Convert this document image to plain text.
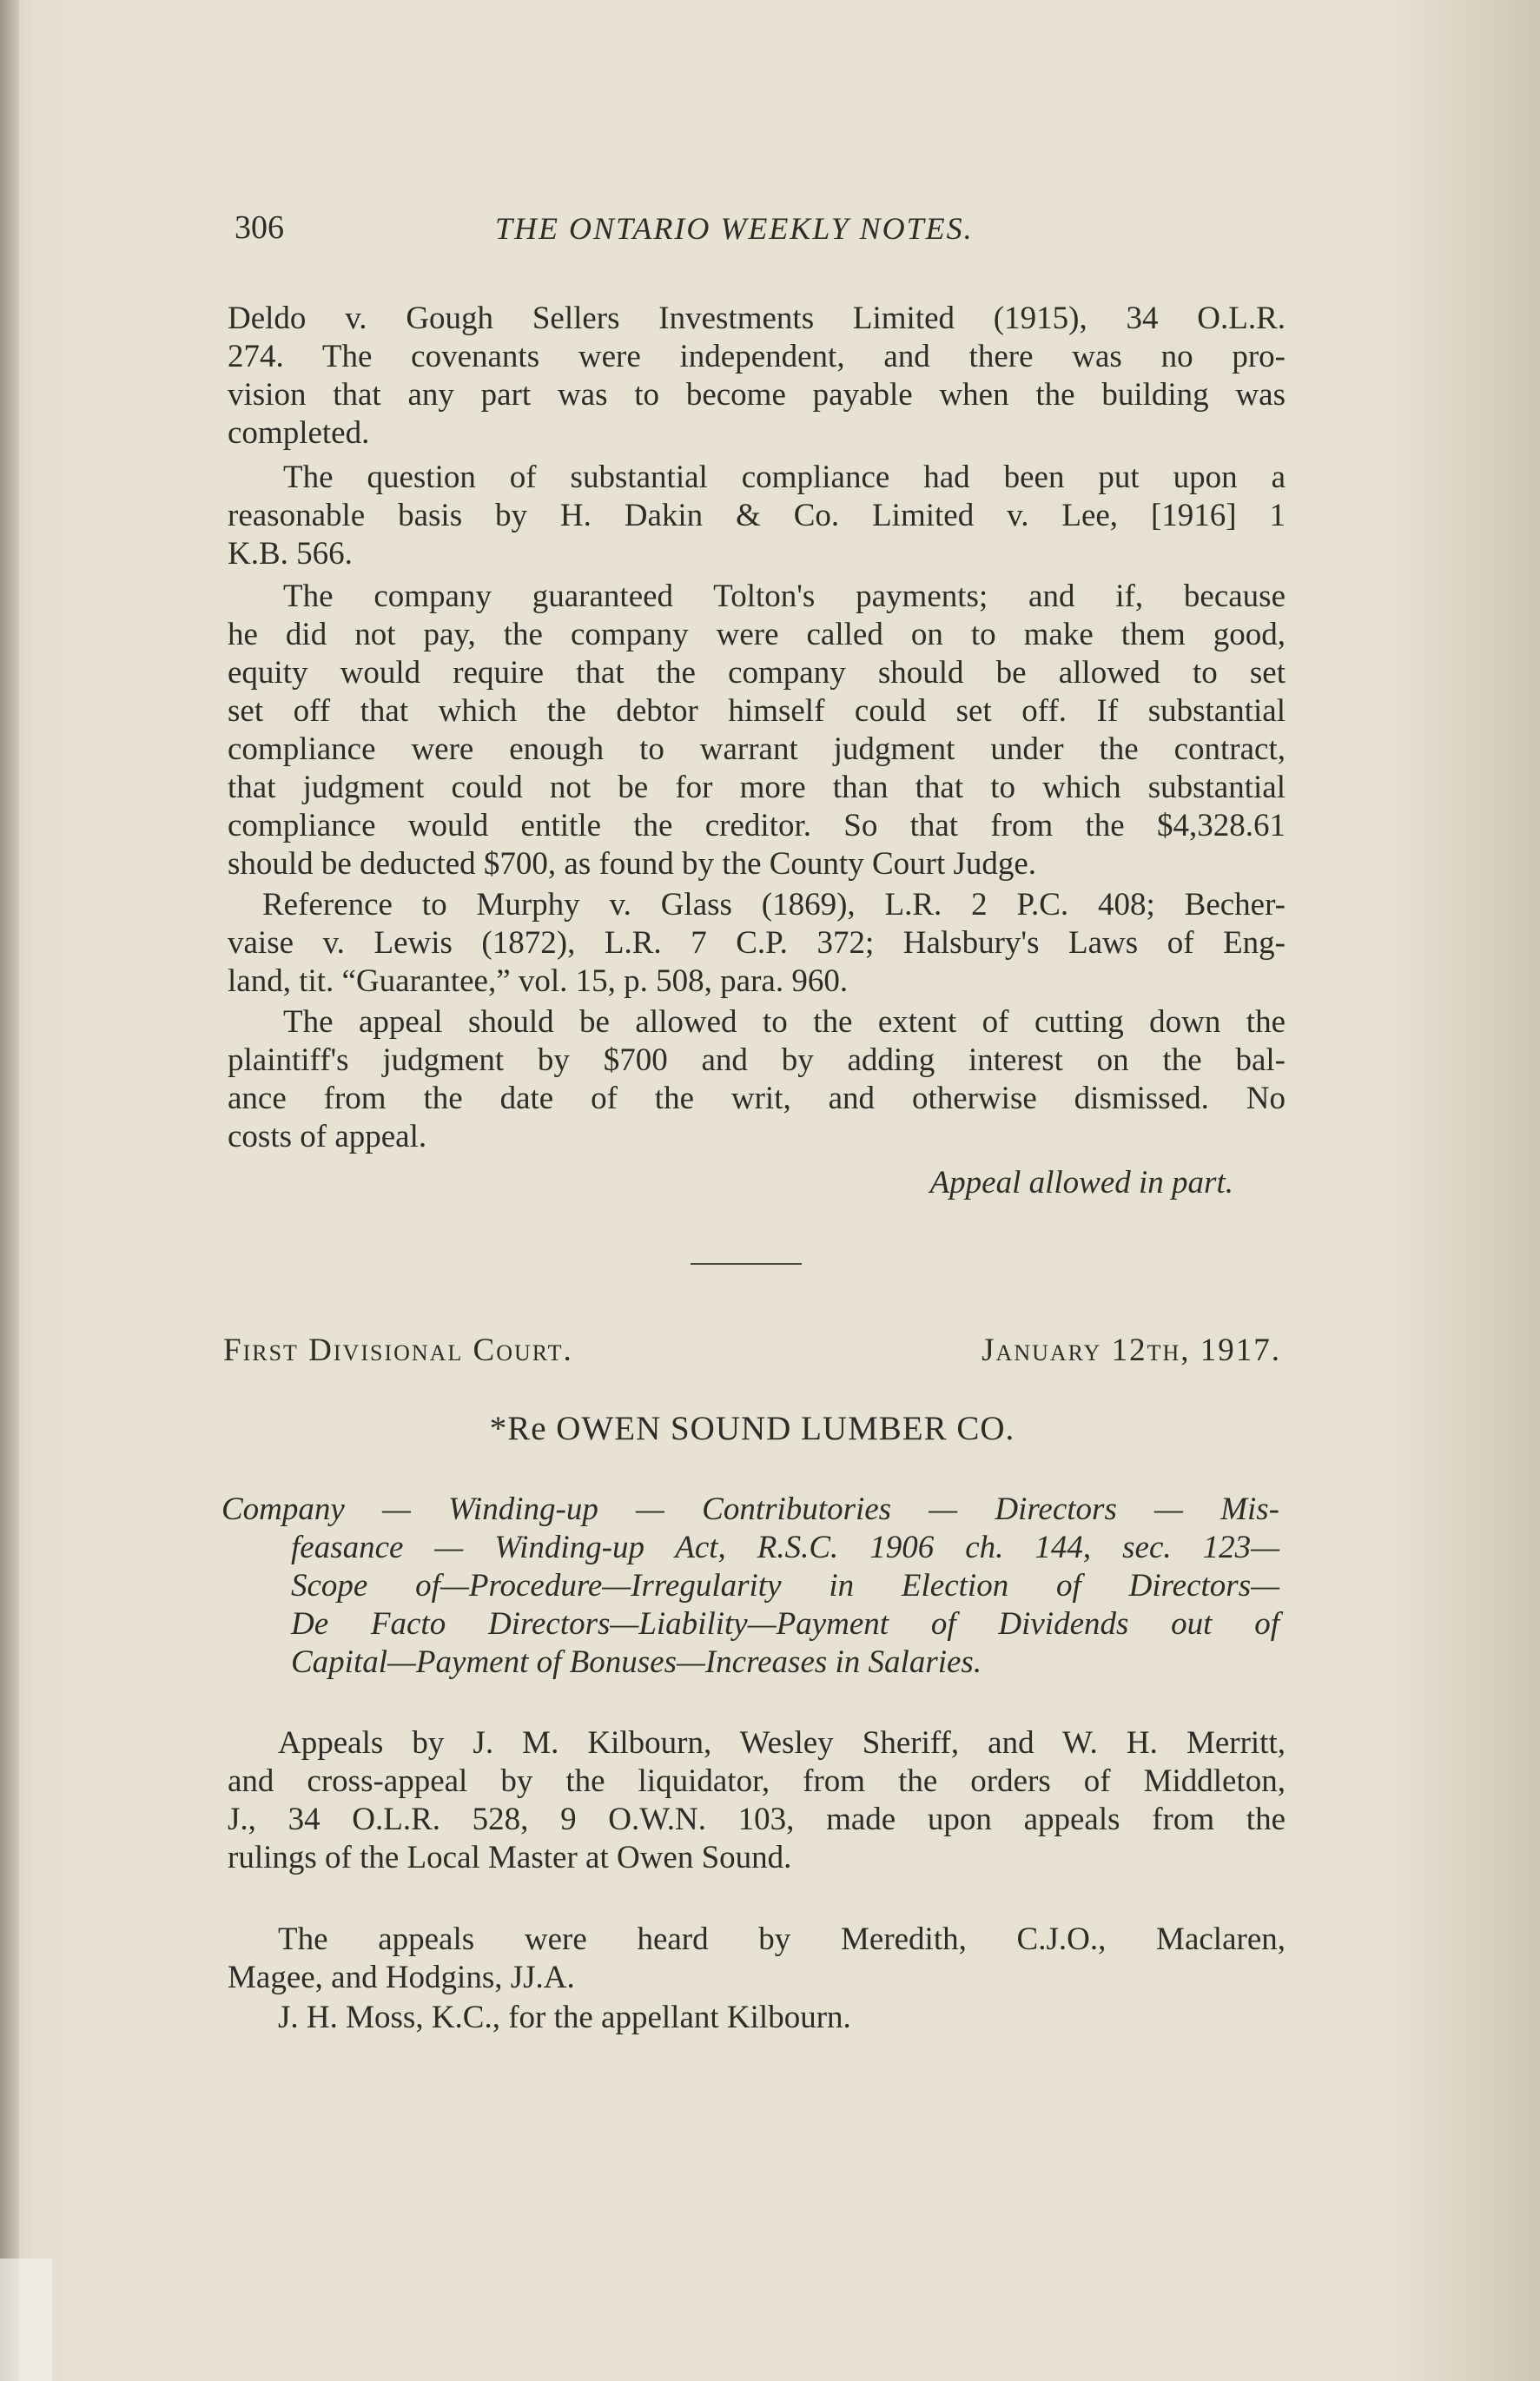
306	THE ONTARIO WEEKLY NOTES.
Deldo v. Gough Sellers Investments Limited (1915), 34 O.L.R.
274. The covenants were independent, and there was no pro-
vision that any part was to become payable when the building was
completed.
The question of substantial compliance had been put upon a
reasonable basis by H. Dakin & Co. Limited v. Lee, [1916] 1
K.B. 566.
The company guaranteed Tolton's payments; and if, because
he did not pay, the company were called on to make them good,
equity would require that the company should be allowed to set
set off that which the debtor himself could set off. If substantial
compliance were enough to warrant judgment under the contract,
that judgment could not be for more than that to which substantial
compliance would entitle the creditor. So that from the $4,328.61
should be deducted $700, as found by the County Court Judge.
Reference to Murphy v. Glass (1869), L.R. 2 P.C. 408; Becher-
vaise v. Lewis (1872), L.R. 7 C.P. 372; Halsbury's Laws of Eng-
land, tit. “Guarantee,” vol. 15, p. 508, para. 960.
The appeal should be allowed to the extent of cutting down the
plaintiff's judgment by $700 and by adding interest on the bal-
ance from the date of the writ, and otherwise dismissed. No
costs of appeal.
Appeal allowed in part.
First Divisional Court.	January 12th, 1917.
*Re OWEN SOUND LUMBER CO.
Company — Winding-up — Contributories — Directors — Mis-
feasance — Winding-up Act, R.S.C. 1906 ch. 144, sec. 123—
Scope of—Procedure—Irregularity in Election of Directors—
De Facto Directors—Liability—Payment of Dividends out of
Capital—Payment of Bonuses—Increases in Salaries.
Appeals by J. M. Kilbourn, Wesley Sheriff, and W. H. Merritt,
and cross-appeal by the liquidator, from the orders of Middleton,
J., 34 O.L.R. 528, 9 O.W.N. 103, made upon appeals from the
rulings of the Local Master at Owen Sound.
The appeals were heard by Meredith, C.J.O., Maclaren,
Magee, and Hodgins, JJ.A.
J. H. Moss, K.C., for the appellant Kilbourn.
